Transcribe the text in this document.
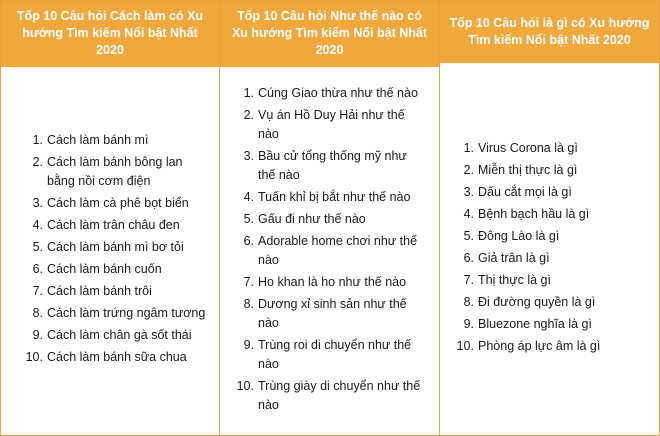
Tốp 10 Câu hỏi Cách làm có Xu hướng Tìm kiếm Nổi bật Nhất 2020
1. Cách làm bánh mì
2. Cách làm bánh bông lan bằng nồi cơm điện
3. Cách làm cà phê bọt biển
4. Cách làm trân châu đen
5. Cách làm bánh mì bơ tỏi
6. Cách làm bánh cuốn
7. Cách làm bánh trôi
8. Cách làm trứng ngâm tương
9. Cách làm chân gà sốt thái
10. Cách làm bánh sữa chua
Tốp 10 Câu hỏi Như thế nào có Xu hướng Tìm kiếm Nổi bật Nhất 2020
1. Cúng Giao thừa như thế nào
2. Vụ án Hồ Duy Hải như thế nào
3. Bầu cử tổng thống mỹ như thế nào
4. Tuấn khỉ bị bắt như thế nào
5. Gấu đi như thế nào
6. Adorable home chơi như thế nào
7. Ho khan là ho như thế nào
8. Dương xỉ sinh sản như thế nào
9. Trùng roi di chuyển như thế nào
10. Trùng giày di chuyển như thế nào
Tốp 10 Câu hỏi là gì có Xu hướng Tìm kiếm Nổi bật Nhất 2020
1. Virus Corona là gì
2. Miễn thị thực là gì
3. Dấu cắt mọi là gì
4. Bệnh bạch hầu là gì
5. Đông Lào là gì
6. Giả trân là gì
7. Thị thực là gì
8. Đi đường quyền là gì
9. Bluezone nghĩa là gì
10. Phòng áp lực âm là gì
